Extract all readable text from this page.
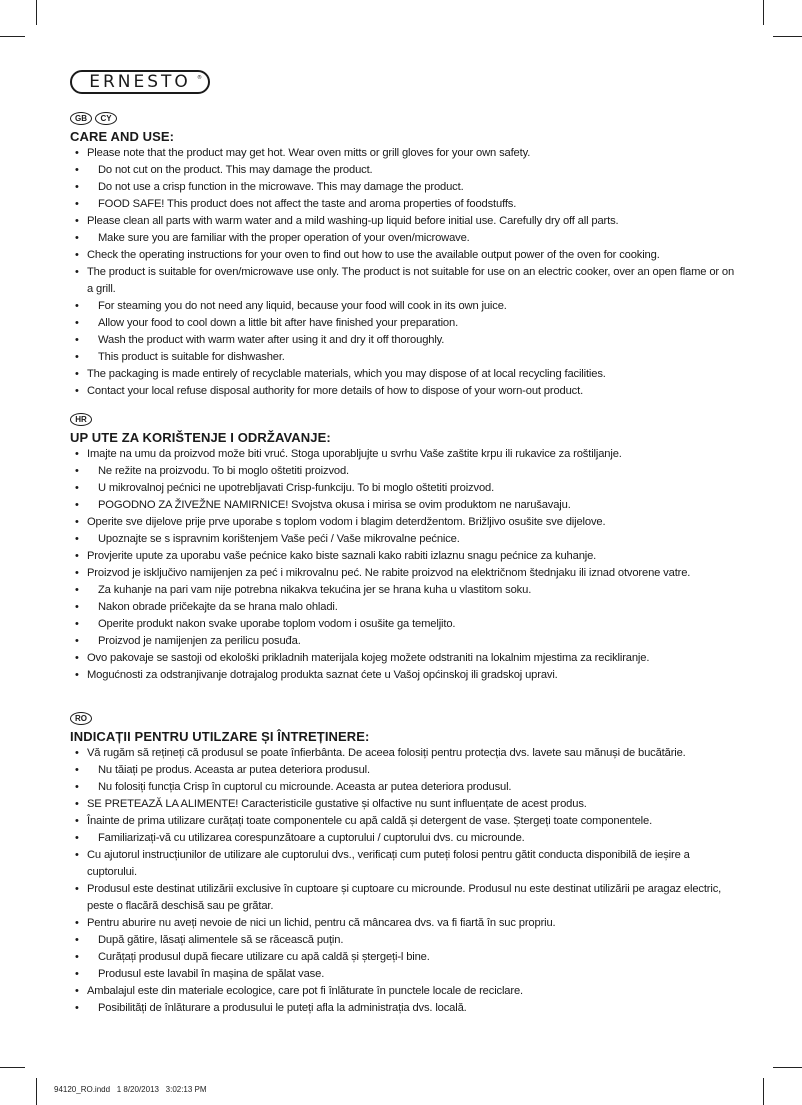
ERNESTO ®
GB	CY
CARE AND USE:
• Please note that the product may get hot. Wear oven mitts or grill gloves for your own safety.
• Do not cut on the product. This may damage the product.
• Do not use a crisp function in the microwave. This may damage the product.
• FOOD SAFE! This product does not affect the taste and aroma properties of foodstuffs.
• Please clean all parts with warm water and a mild washing-up liquid before initial use. Carefully dry off all parts.
• Make sure you are familiar with the proper operation of your oven/microwave.
• Check the operating instructions for your oven to find out how to use the available output power of the oven for cooking.
• The product is suitable for oven/microwave use only. The product is not suitable for use on an electric cooker, over an open flame or on a grill.
• For steaming you do not need any liquid, because your food will cook in its own juice.
• Allow your food to cool down a little bit after have finished your preparation.
• Wash the product with warm water after using it and dry it off thoroughly.
• This product is suitable for dishwasher.
• The packaging is made entirely of recyclable materials, which you may dispose of at local recycling facilities.
• Contact your local refuse disposal authority for more details of how to dispose of your worn-out product.
HR
UP UTE ZA KORIŠTENJE I ODRŽAVANJE:
• Imajte na umu da proizvod može biti vruć. Stoga uporabljujte u svrhu Vaše zaštite krpu ili rukavice za roštiljanje.
• Ne režite na proizvodu. To bi moglo oštetiti proizvod.
• U mikrovalnoj pećnici ne upotrebljavati Crisp-funkciju. To bi moglo oštetiti proizvod.
• POGODNO ZA ŽIVEŽNE NAMIRNICE! Svojstva okusa i mirisa se ovim produktom ne narušavaju.
• Operite sve dijelove prije prve uporabe s toplom vodom i blagim deterdžentom. Brižljivo osušite sve dijelove.
• Upoznajte se s ispravnim korištenjem Vaše peći / Vaše mikrovalne pećnice.
• Provjerite upute za uporabu vaše pećnice kako biste saznali kako rabiti izlaznu snagu pećnice za kuhanje.
• Proizvod je isključivo namijenjen za peć i mikrovalnu peć. Ne rabite proizvod na električnom štednjaku ili iznad otvorene vatre.
• Za kuhanje na pari vam nije potrebna nikakva tekućina jer se hrana kuha u vlastitom soku.
• Nakon obrade pričekajte da se hrana malo ohladi.
• Operite produkt nakon svake uporabe toplom vodom i osušite ga temeljito.
• Proizvod je namijenjen za perilicu posuđa.
• Ovo pakovaje se sastoji od ekološki prikladnih materijala kojeg možete odstraniti na lokalnim mjestima za recikliranje.
• Mogućnosti za odstranjivanje dotrajalog produkta saznat ćete u Vašoj općinskoj ili gradskoj upravi.
RO
INDICAȚII PENTRU UTILZARE ȘI ÎNTREȚINERE:
• Vă rugăm să rețineți că produsul se poate înfierbânta. De aceea folosiți pentru protecția dvs. lavete sau mănuși de bucătărie.
• Nu tăiați pe produs. Aceasta ar putea deteriora produsul.
• Nu folosiți funcția Crisp în cuptorul cu microunde. Aceasta ar putea deteriora produsul.
• SE PRETEAZĂ LA ALIMENTE! Caracteristicile gustative și olfactive nu sunt influențate de acest produs.
• Înainte de prima utilizare curățați toate componentele cu apă caldă și detergent de vase. Ștergeți toate componentele.
• Familiarizați-vă cu utilizarea corespunzătoare a cuptorului / cuptorului dvs. cu microunde.
• Cu ajutorul instrucțiunilor de utilizare ale cuptorului dvs., verificați cum puteți folosi pentru gătit conducta disponibilă de ieșire a cuptorului.
• Produsul este destinat utilizării exclusive în cuptoare și cuptoare cu microunde. Produsul nu este destinat utilizării pe aragaz electric, peste o flacără deschisă sau pe grătar.
• Pentru aburire nu aveți nevoie de nici un lichid, pentru că mâncarea dvs. va fi fiartă în suc propriu.
• După gătire, lăsați alimentele să se răcească puțin.
• Curățați produsul după fiecare utilizare cu apă caldă și ștergeți-l bine.
• Produsul este lavabil în mașina de spălat vase.
• Ambalajul este din materiale ecologice, care pot fi înlăturate în punctele locale de reciclare.
• Posibilități de înlăturare a produsului le puteți afla la administrația dvs. locală.
94120_RO.indd   1 8/20/2013   3:02:13 PM
